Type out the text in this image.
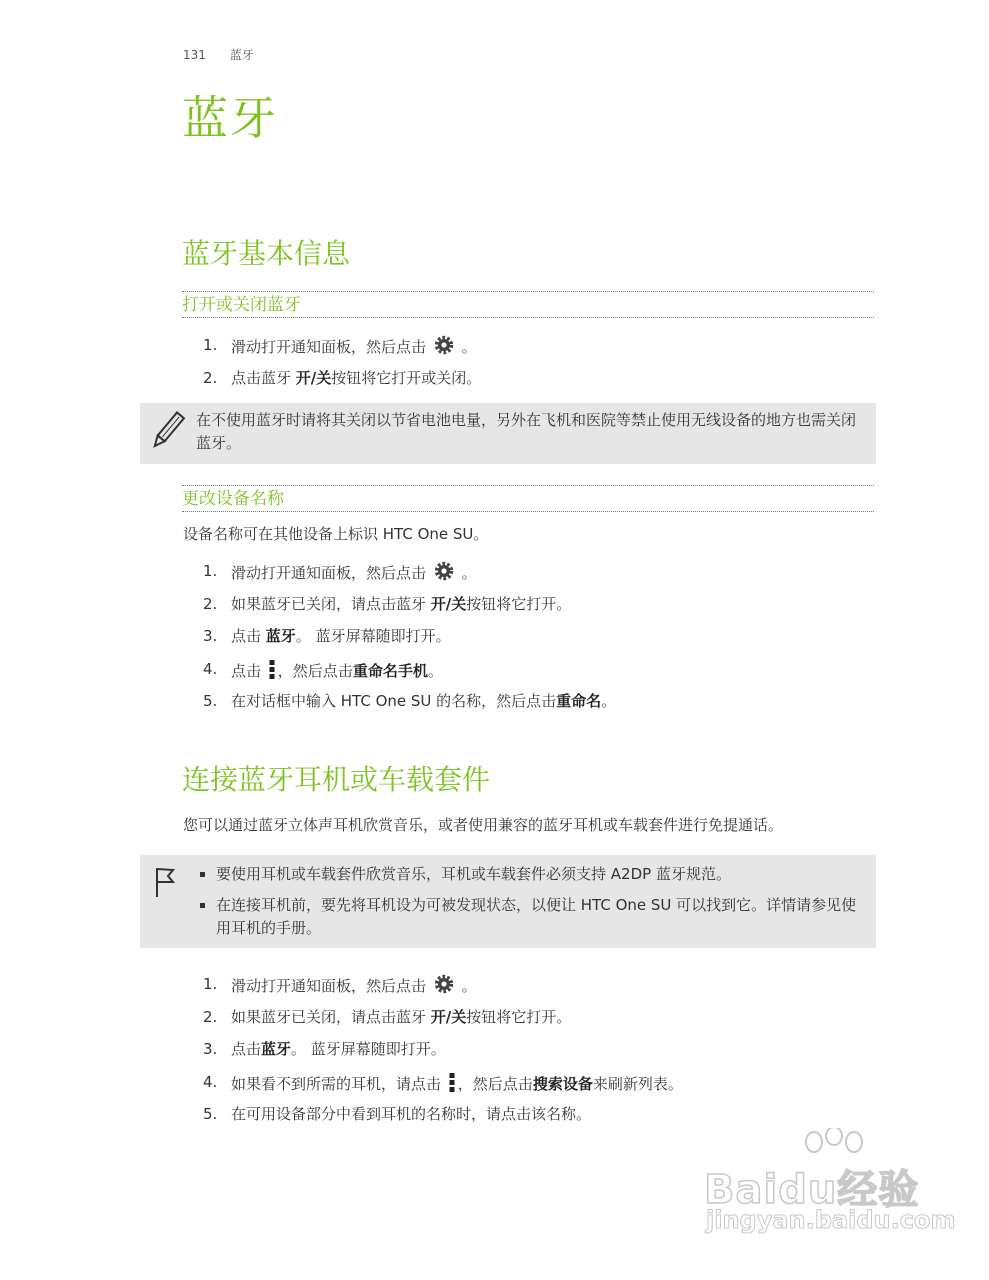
131 蓝牙
蓝牙
蓝牙基本信息
打开或关闭蓝牙
1. 滑动打开通知面板，然后点击 。
2. 点击蓝牙 开/关按钮将它打开或关闭。
在不使用蓝牙时请将其关闭以节省电池电量，另外在飞机和医院等禁止使用无线设备的地方也需关闭蓝牙。
更改设备名称

设备名称可在其他设备上标识 HTC One SU。

1. 滑动打开通知面板，然后点击 。
2. 如果蓝牙已关闭，请点击蓝牙 开/关按钮将它打开。
3. 点击 蓝牙。 蓝牙屏幕随即打开。
4. 点击 ，然后点击重命名手机。
5. 在对话框中输入 HTC One SU 的名称，然后点击重命名。
连接蓝牙耳机或车载套件

您可以通过蓝牙立体声耳机欣赏音乐，或者使用兼容的蓝牙耳机或车载套件进行免提通话。

要使用耳机或车载套件欣赏音乐，耳机或车载套件必须支持 A2DP 蓝牙规范。
在连接耳机前，要先将耳机设为可被发现状态，以便让 HTC One SU 可以找到它。详情请参见使用耳机的手册。
1. 滑动打开通知面板，然后点击 。
2. 如果蓝牙已关闭，请点击蓝牙 开/关按钮将它打开。
3. 点击蓝牙。 蓝牙屏幕随即打开。
4. 如果看不到所需的耳机，请点击 ，然后点击搜索设备来刷新列表。
5. 在可用设备部分中看到耳机的名称时，请点击该名称。
Baidu经验
jingyan.baidu.com
